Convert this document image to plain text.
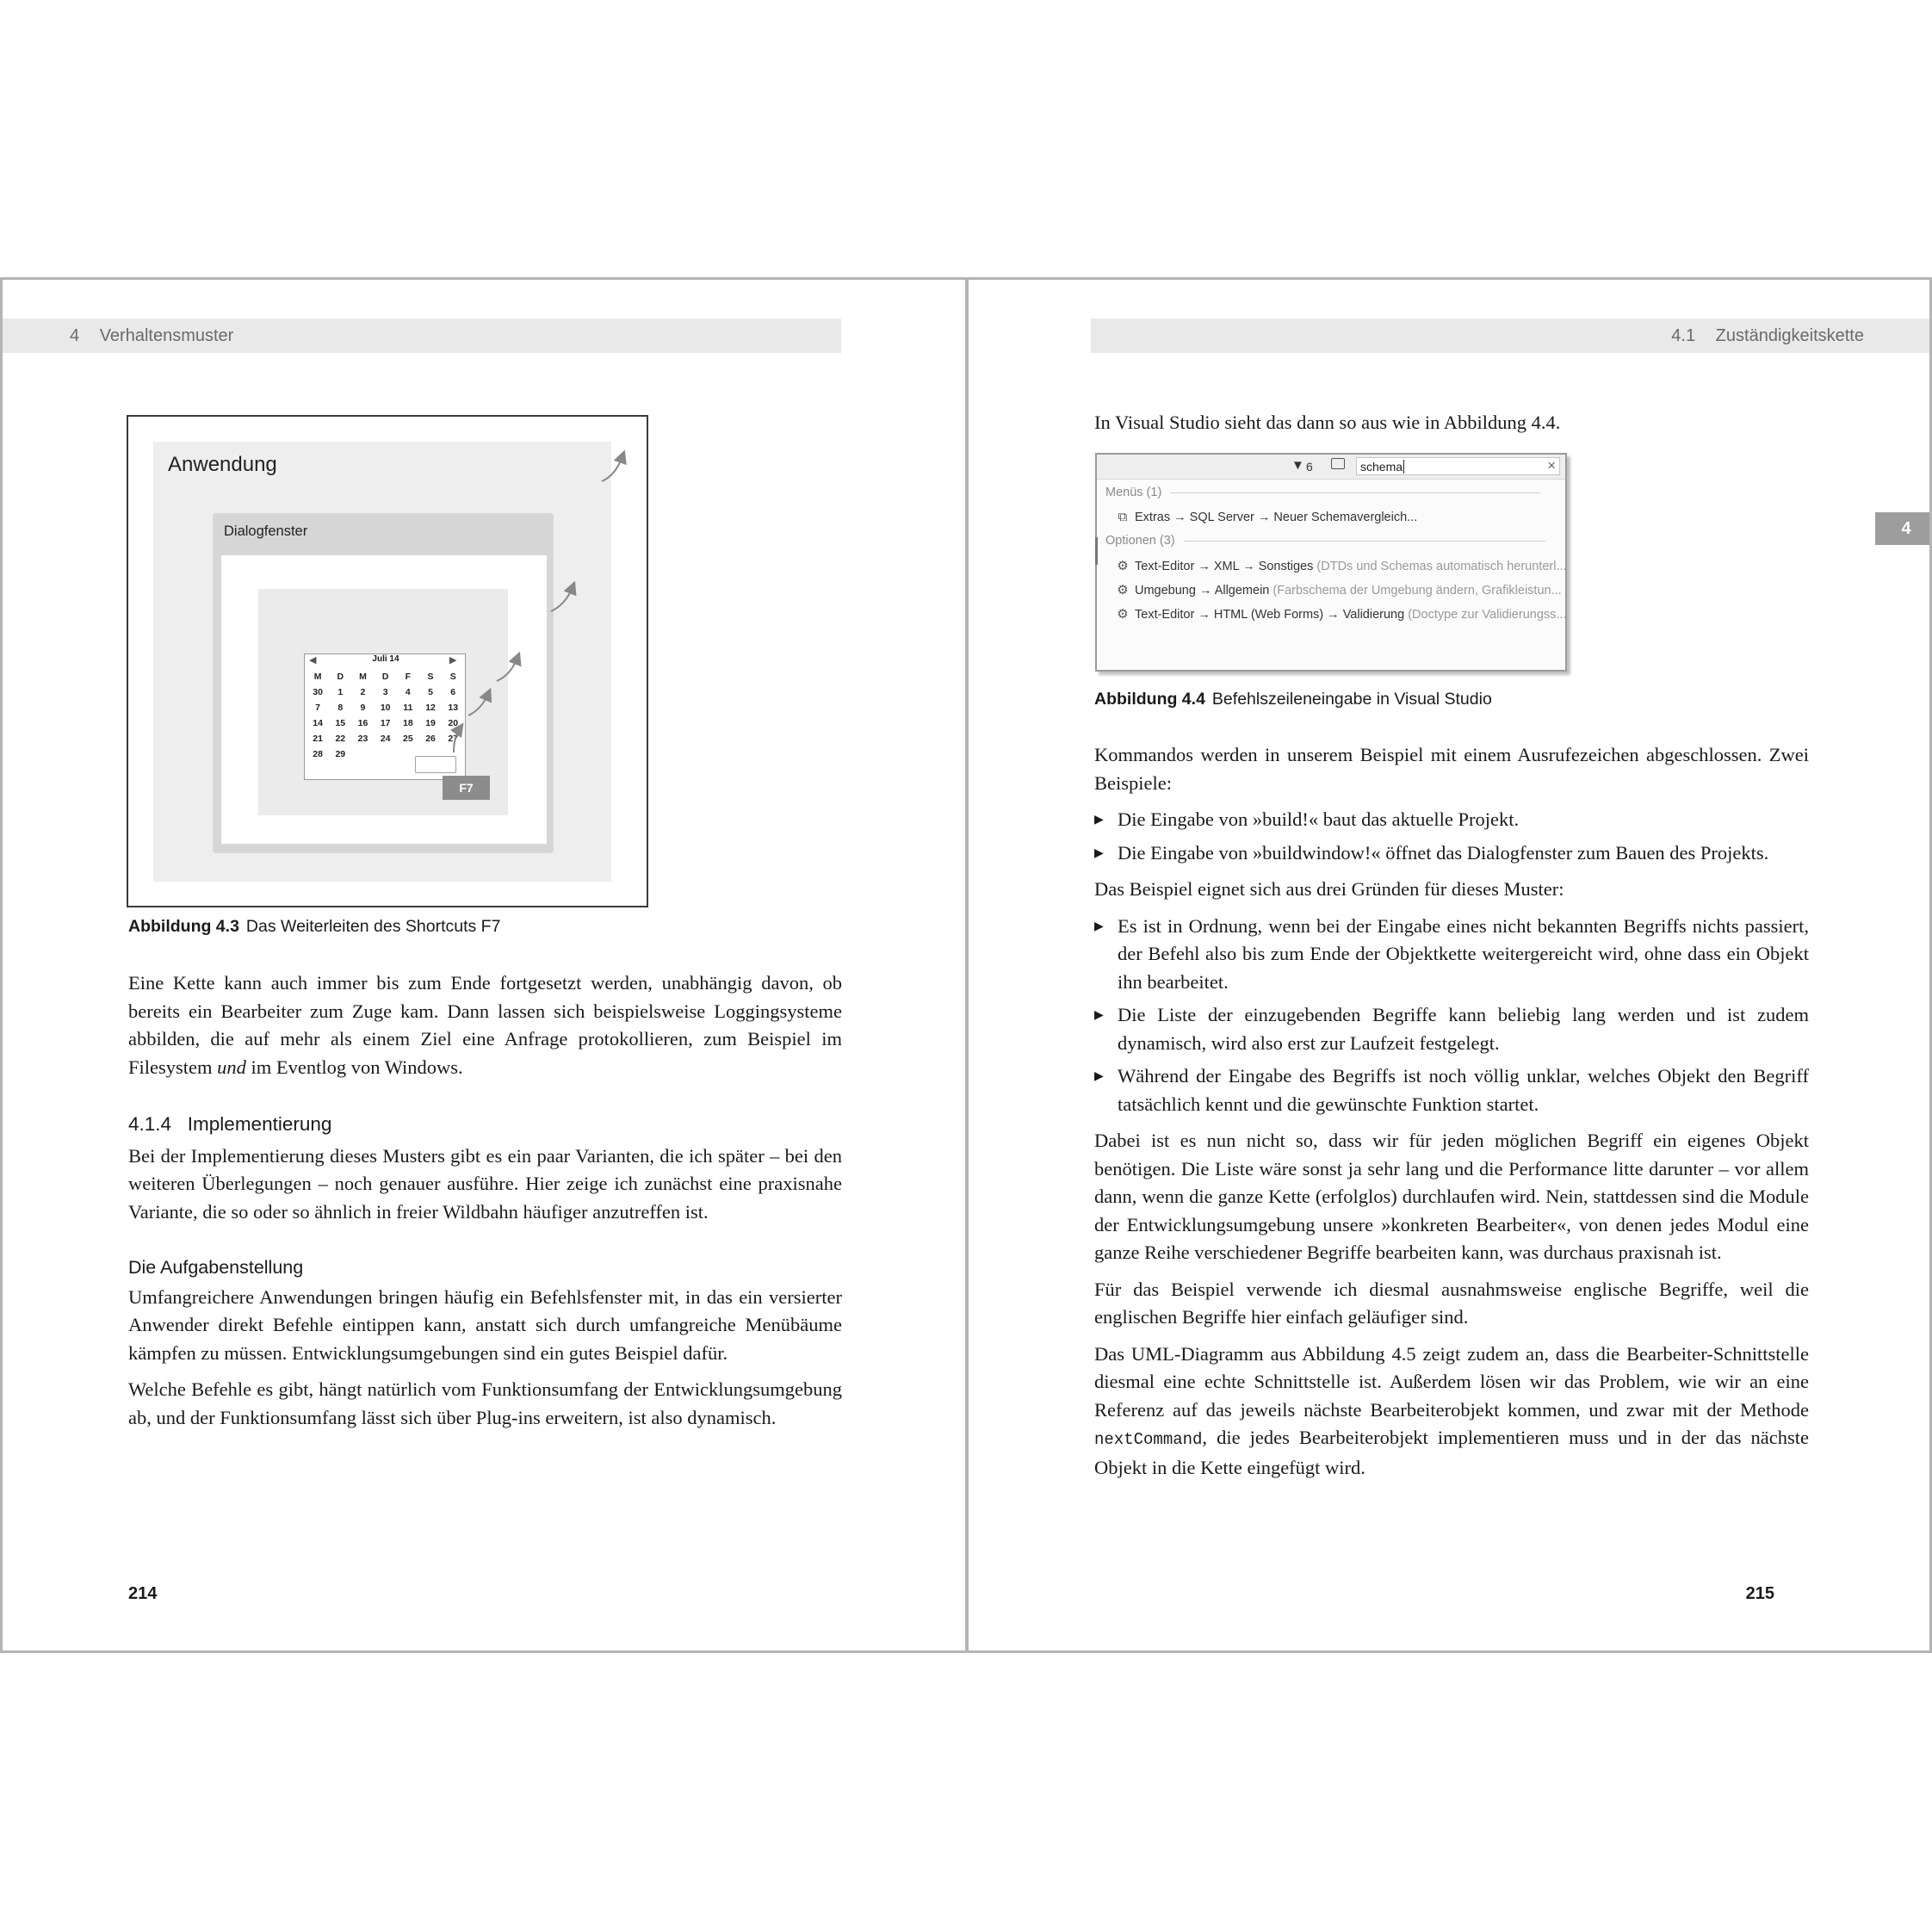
4 Verhaltensmuster
Anwendung
Dialogfenster
◀	Juli 14	▶
M	D	M	D	F	S	S
30	1	2	3	4	5	6
7	8	9	10	11	12	13
14	15	16	17	18	19	20
21	22	23	24	25	26	27
28	29
F7
Abbildung 4.3 Das Weiterleiten des Shortcuts F7

Eine Kette kann auch immer bis zum Ende fortgesetzt werden, unabhängig davon, ob bereits ein Bearbeiter zum Zuge kam. Dann lassen sich beispielsweise Loggingsysteme abbilden, die auf mehr als einem Ziel eine Anfrage protokollieren, zum Beispiel im Filesystem und im Eventlog von Windows.

4.1.4   Implementierung

Bei der Implementierung dieses Musters gibt es ein paar Varianten, die ich später – bei den weiteren Überlegungen – noch genauer ausführe. Hier zeige ich zunächst eine praxisnahe Variante, die so oder so ähnlich in freier Wildbahn häufiger anzutreffen ist.

Die Aufgabenstellung

Umfangreichere Anwendungen bringen häufig ein Befehlsfenster mit, in das ein versierter Anwender direkt Befehle eintippen kann, anstatt sich durch umfangreiche Menübäume kämpfen zu müssen. Entwicklungsumgebungen sind ein gutes Beispiel dafür.

Welche Befehle es gibt, hängt natürlich vom Funktionsumfang der Entwicklungsumgebung ab, und der Funktionsumfang lässt sich über Plug-ins erweitern, ist also dynamisch.

214
4.1 Zuständigkeitskette
4
In Visual Studio sieht das dann so aus wie in Abbildung 4.4.
▼ 6	schema	×
Menüs (1)
⧉ Extras → SQL Server → Neuer Schemavergleich...
Optionen (3)
⚙ Text-Editor → XML → Sonstiges (DTDs und Schemas automatisch herunterl...
⚙ Umgebung → Allgemein (Farbschema der Umgebung ändern, Grafikleistun...
⚙ Text-Editor → HTML (Web Forms) → Validierung (Doctype zur Validierungss...
Abbildung 4.4 Befehlszeileneingabe in Visual Studio

Kommandos werden in unserem Beispiel mit einem Ausrufezeichen abgeschlossen. Zwei Beispiele:

▶ Die Eingabe von »build!« baut das aktuelle Projekt.
▶ Die Eingabe von »buildwindow!« öffnet das Dialogfenster zum Bauen des Projekts.

Das Beispiel eignet sich aus drei Gründen für dieses Muster:

▶ Es ist in Ordnung, wenn bei der Eingabe eines nicht bekannten Begriffs nichts passiert, der Befehl also bis zum Ende der Objektkette weitergereicht wird, ohne dass ein Objekt ihn bearbeitet.
▶ Die Liste der einzugebenden Begriffe kann beliebig lang werden und ist zudem dynamisch, wird also erst zur Laufzeit festgelegt.
▶ Während der Eingabe des Begriffs ist noch völlig unklar, welches Objekt den Begriff tatsächlich kennt und die gewünschte Funktion startet.

Dabei ist es nun nicht so, dass wir für jeden möglichen Begriff ein eigenes Objekt benötigen. Die Liste wäre sonst ja sehr lang und die Performance litte darunter – vor allem dann, wenn die ganze Kette (erfolglos) durchlaufen wird. Nein, stattdessen sind die Module der Entwicklungsumgebung unsere »konkreten Bearbeiter«, von denen jedes Modul eine ganze Reihe verschiedener Begriffe bearbeiten kann, was durchaus praxisnah ist.

Für das Beispiel verwende ich diesmal ausnahmsweise englische Begriffe, weil die englischen Begriffe hier einfach geläufiger sind.

Das UML-Diagramm aus Abbildung 4.5 zeigt zudem an, dass die Bearbeiter-Schnittstelle diesmal eine echte Schnittstelle ist. Außerdem lösen wir das Problem, wie wir an eine Referenz auf das jeweils nächste Bearbeiterobjekt kommen, und zwar mit der Methode nextCommand, die jedes Bearbeiterobjekt implementieren muss und in der das nächste Objekt in die Kette eingefügt wird.

215
